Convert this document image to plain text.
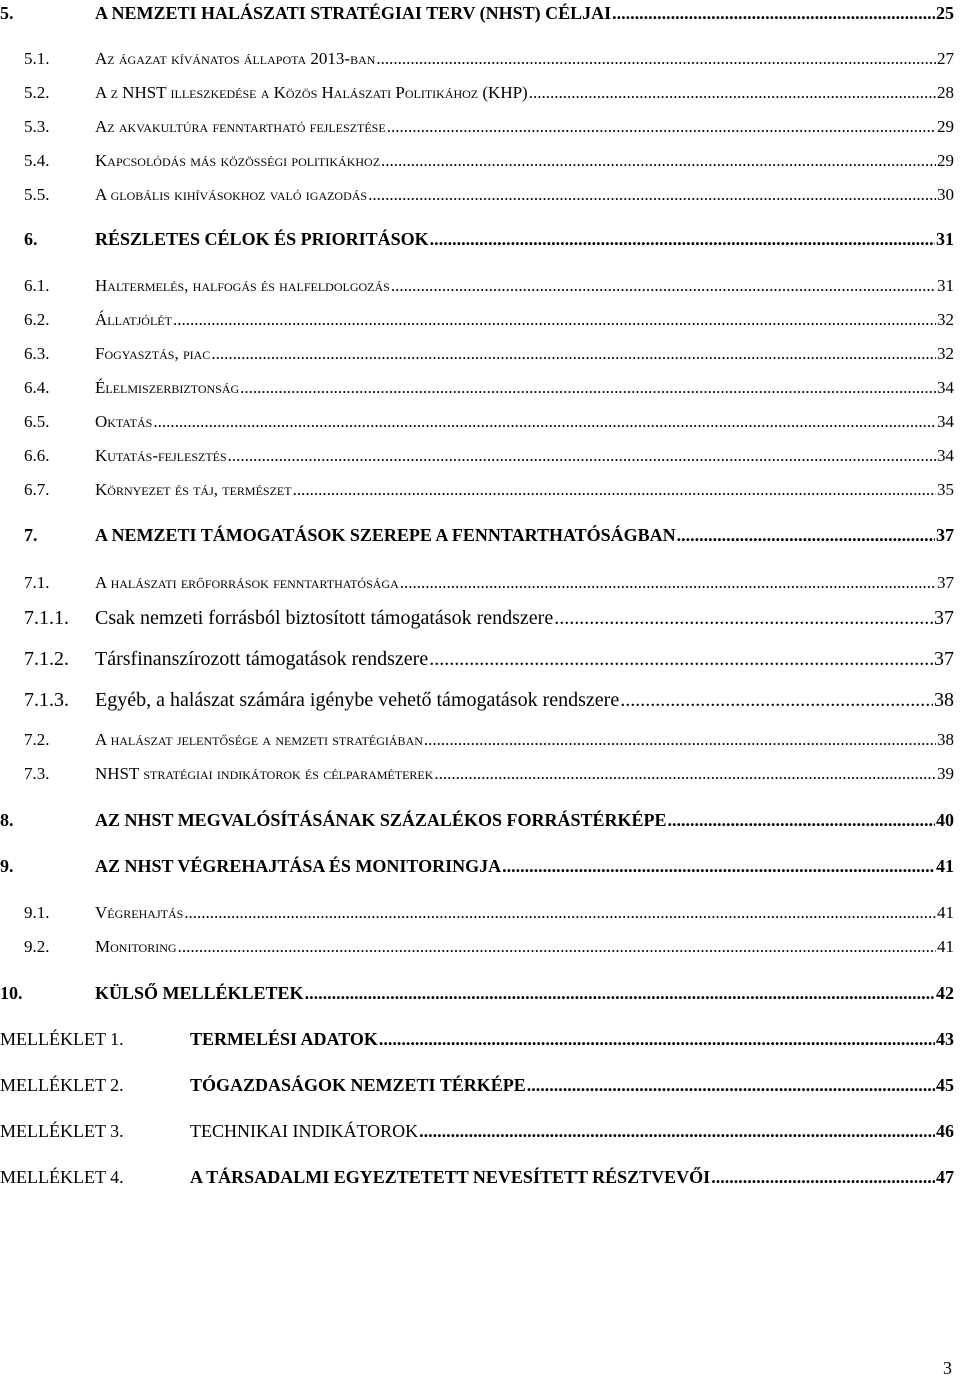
5.	A NEMZETI HALÁSZATI STRATÉGIAI TERV (NHST) CÉLJAI .....	25
5.1.	Az ágazat kívánatos állapota 2013-ban .....	27
5.2.	A z NHST illeszkedése a Közös Halászati Politikához (KHP) .....	28
5.3.	Az akvakultúra fenntartható fejlesztése .....	29
5.4.	Kapcsolódás más közösségi politikákhoz .....	29
5.5.	A globális kihívásokhoz való igazodás .....	30
6.	RÉSZLETES CÉLOK ÉS PRIORITÁSOK .....	31
6.1.	Haltermelés, halfogás és halfeldolgozás .....	31
6.2.	Állatjólét .....	32
6.3.	Fogyasztás, piac .....	32
6.4.	Élelmiszerbiztonság .....	34
6.5.	Oktatás .....	34
6.6.	Kutatás-fejlesztés .....	34
6.7.	Környezet és táj, természet .....	35
7.	A NEMZETI TÁMOGATÁSOK SZEREPE A FENNTARTHATÓSÁGBAN .....	37
7.1.	A halászati erőforrások fenntarthatósága .....	37
7.1.1.	Csak nemzeti forrásból biztosított támogatások rendszere .....	37
7.1.2.	Társfinanszírozott támogatások rendszere .....	37
7.1.3.	Egyéb, a halászat számára igénybe vehető támogatások rendszere .....	38
7.2.	A halászat jelentősége a nemzeti stratégiában .....	38
7.3.	NHST stratégiai indikátorok és célparaméterek .....	39
8.	AZ NHST MEGVALÓSÍTÁSÁNAK SZÁZALÉKOS FORRÁSTÉRKÉPE .....	40
9.	AZ NHST VÉGREHAJTÁSA ÉS MONITORINGJA .....	41
9.1.	Végrehajtás .....	41
9.2.	Monitoring .....	41
10.	KÜLSŐ MELLÉKLETEK .....	42
MELLÉKLET 1.	TERMELÉSI ADATOK .....	43
MELLÉKLET 2.	TÓGAZDASÁGOK NEMZETI TÉRKÉPE .....	45
MELLÉKLET 3.	TECHNIKAI INDIKÁTOROK .....	46
MELLÉKLET 4.	A TÁRSADALMI EGYEZTETETT NEVESÍTETT RÉSZTVEVŐI .....	47
3
